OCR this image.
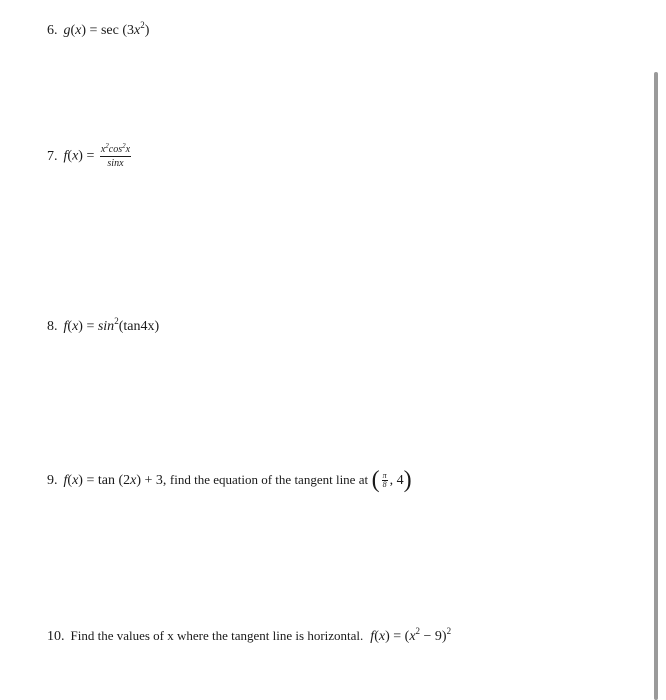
6. $g(x) = \sec (3x^2)$
7. $f(x) = \frac{x^2\cos^2x}{\sin x}$
8. $f(x) = \sin^2(\tan 4x)$
9. f(x) = tan (2x) + 3, find the equation of the tangent line at ( $\frac{\pi}{8}$ , 4)
10. Find the values of x where the tangent line is horizontal. $f(x) = (x^2 - 9)^2$
